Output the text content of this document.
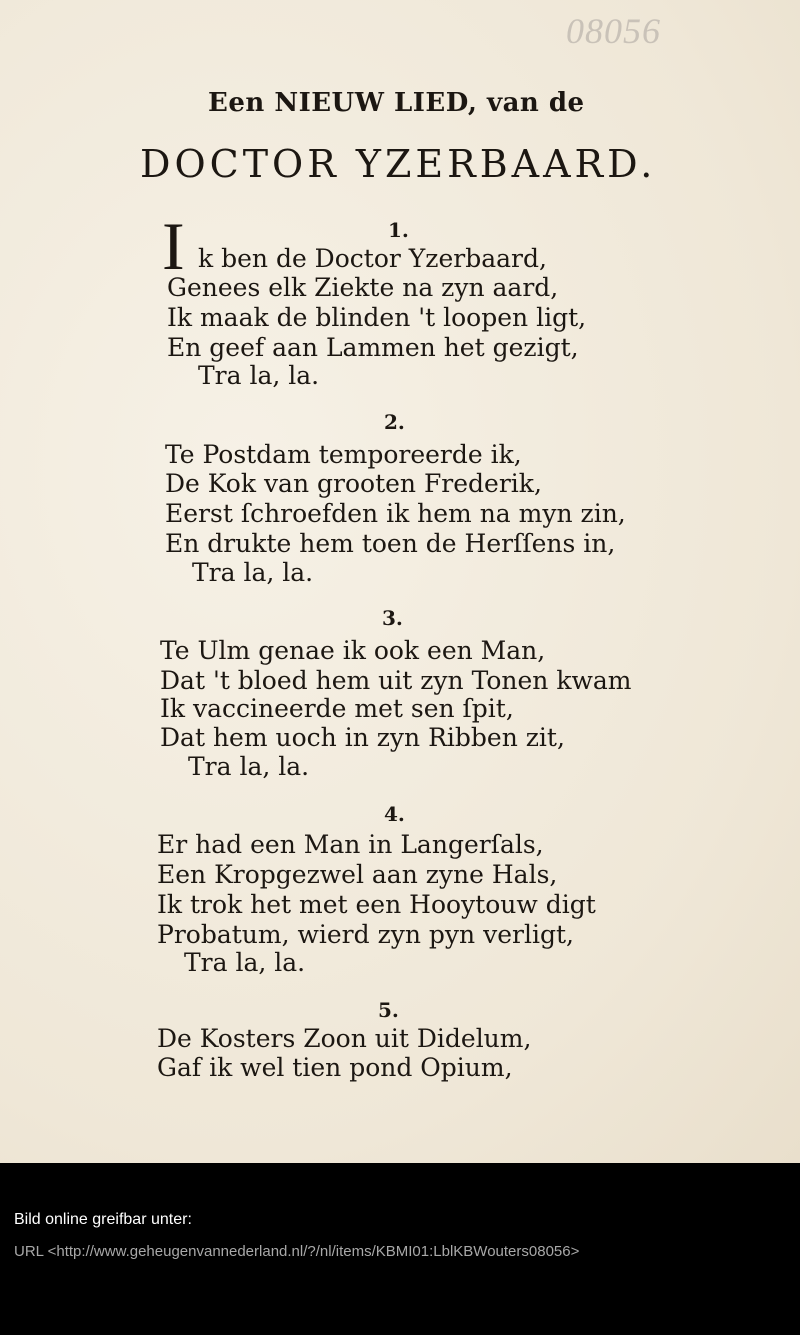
08056
Een NIEUW LIED, van de
DOCTOR YZERBAARD.
1.
I k ben de Doctor Yzerbaard,
Genees elk Ziekte na zyn aard,
Ik maak de blinden 't loopen ligt,
En geef aan Lammen het gezigt,
Tra la, la.
2.
Te Postdam temporeerde ik,
De Kok van grooten Frederik,
Eerst ſchroefden ik hem na myn zin,
En drukte hem toen de Herſſens in,
Tra la, la.
3.
Te Ulm genae ik ook een Man,
Dat 't bloed hem uit zyn Tonen kwam
Ik vaccineerde met sen ſpit,
Dat hem uoch in zyn Ribben zit,
Tra la, la.
4.
Er had een Man in Langerſals,
Een Kropgezwel aan zyne Hals,
Ik trok het met een Hooytouw digt
Probatum, wierd zyn pyn verligt,
Tra la, la.
5.
De Kosters Zoon uit Didelum,
Gaf ik wel tien pond Opium,
Bild online greifbar unter:
URL <http://www.geheugenvannederland.nl/?/nl/items/KBMI01:LblKBWouters08056>
